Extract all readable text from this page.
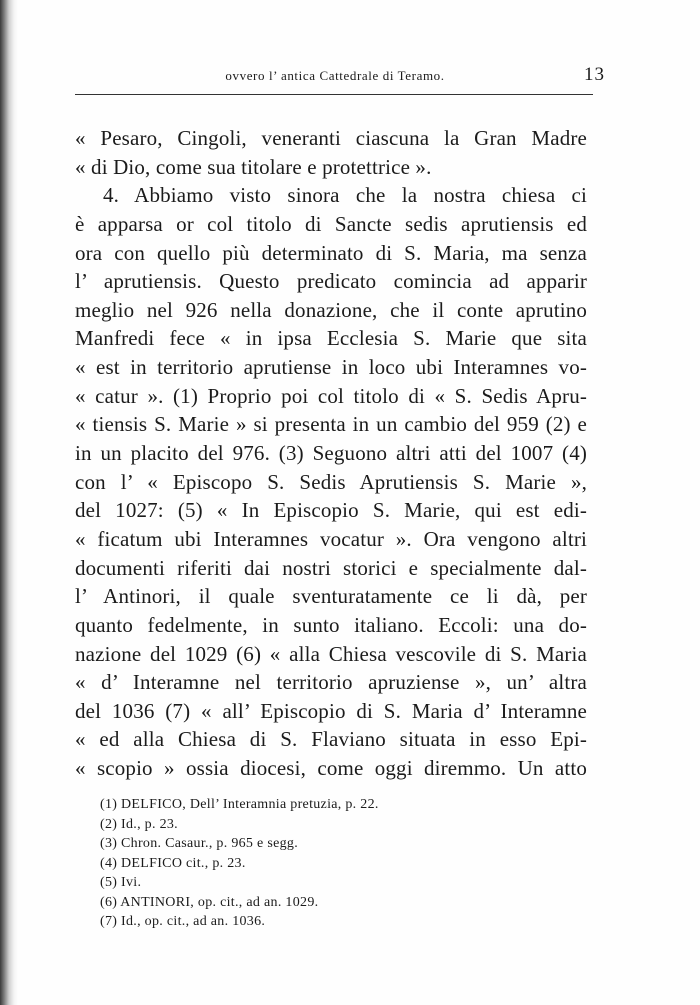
ovvero l’ antica Cattedrale di Teramo.	13
« Pesaro, Cingoli, veneranti ciascuna la Gran Madre
« di Dio, come sua titolare e protettrice ».
4. Abbiamo visto sinora che la nostra chiesa ci
è apparsa or col titolo di Sancte sedis aprutiensis ed
ora con quello più determinato di S. Maria, ma senza
l’ aprutiensis. Questo predicato comincia ad apparir
meglio nel 926 nella donazione, che il conte aprutino
Manfredi fece « in ipsa Ecclesia S. Marie que sita
« est in territorio aprutiense in loco ubi Interamnes vo-
« catur ». (1) Proprio poi col titolo di « S. Sedis Apru-
« tiensis S. Marie » si presenta in un cambio del 959 (2) e
in un placito del 976. (3) Seguono altri atti del 1007 (4)
con l’ « Episcopo S. Sedis Aprutiensis S. Marie »,
del 1027: (5) « In Episcopio S. Marie, qui est edi-
« ficatum ubi Interamnes vocatur ». Ora vengono altri
documenti riferiti dai nostri storici e specialmente dal-
l’ Antinori, il quale sventuratamente ce li dà, per
quanto fedelmente, in sunto italiano. Eccoli: una do-
nazione del 1029 (6) « alla Chiesa vescovile di S. Maria
« d’ Interamne nel territorio apruziense », un’ altra
del 1036 (7) « all’ Episcopio di S. Maria d’ Interamne
« ed alla Chiesa di S. Flaviano situata in esso Epi-
« scopio » ossia diocesi, come oggi diremmo. Un atto
(1) DELFICO, Dell’ Interamnia pretuzia, p. 22.
(2) Id., p. 23.
(3) Chron. Casaur., p. 965 e segg.
(4) DELFICO cit., p. 23.
(5) Ivi.
(6) ANTINORI, op. cit., ad an. 1029.
(7) Id., op. cit., ad an. 1036.
